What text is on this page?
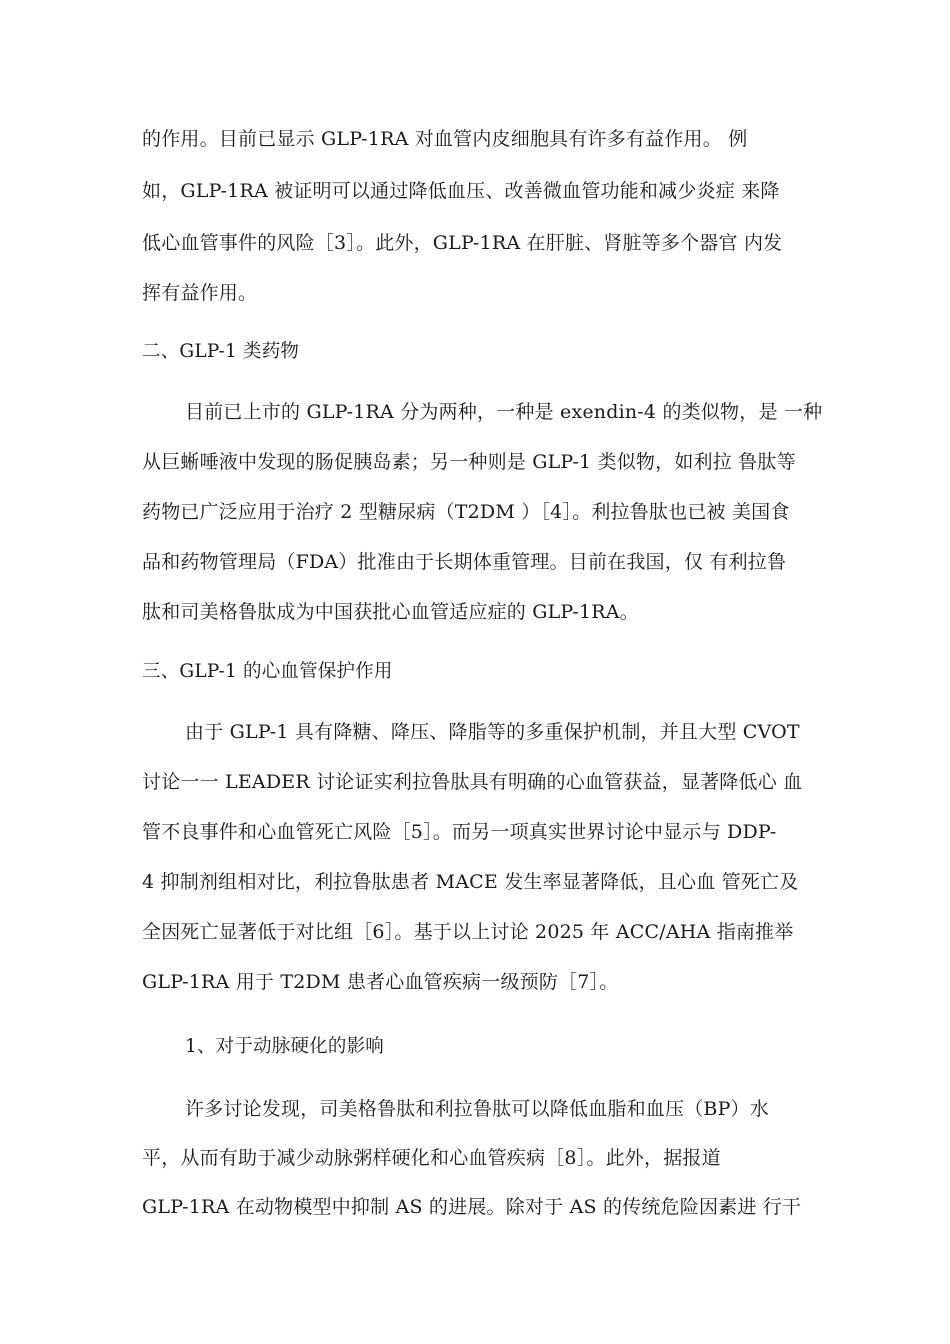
的作用。目前已显示 GLP-1RA 对血管内皮细胞具有许多有益作用。 例
如，GLP-1RA 被证明可以通过降低血压、改善微血管功能和减少炎症 来降
低心血管事件的风险［3］。此外，GLP-1RA 在肝脏、肾脏等多个器官 内发
挥有益作用。
二、GLP-1 类药物
目前已上市的 GLP-1RA 分为两种，一种是 exendin-4 的类似物，是 一种
从巨蜥唾液中发现的肠促胰岛素；另一种则是 GLP-1 类似物，如利拉 鲁肽等
药物已广泛应用于治疗 2 型糖尿病（T2DM ）［4］。利拉鲁肽也已被 美国食
品和药物管理局（FDA）批准由于长期体重管理。目前在我国，仅 有利拉鲁
肽和司美格鲁肽成为中国获批心血管适应症的 GLP-1RA。
三、GLP-1 的心血管保护作用
由于 GLP-1 具有降糖、降压、降脂等的多重保护机制，并且大型 CVOT
讨论一一 LEADER 讨论证实利拉鲁肽具有明确的心血管获益，显著降低心 血
管不良事件和心血管死亡风险［5］。而另一项真实世界讨论中显示与 DDP-
4 抑制剂组相对比，利拉鲁肽患者 MACE 发生率显著降低，且心血 管死亡及
全因死亡显著低于对比组［6］。基于以上讨论 2025 年 ACC/AHA 指南推举
GLP-1RA 用于 T2DM 患者心血管疾病一级预防［7］。
1、对于动脉硬化的影响
许多讨论发现，司美格鲁肽和利拉鲁肽可以降低血脂和血压（BP）水
平，从而有助于减少动脉粥样硬化和心血管疾病［8］。此外，据报道
GLP-1RA 在动物模型中抑制 AS 的进展。除对于 AS 的传统危险因素进 行干
